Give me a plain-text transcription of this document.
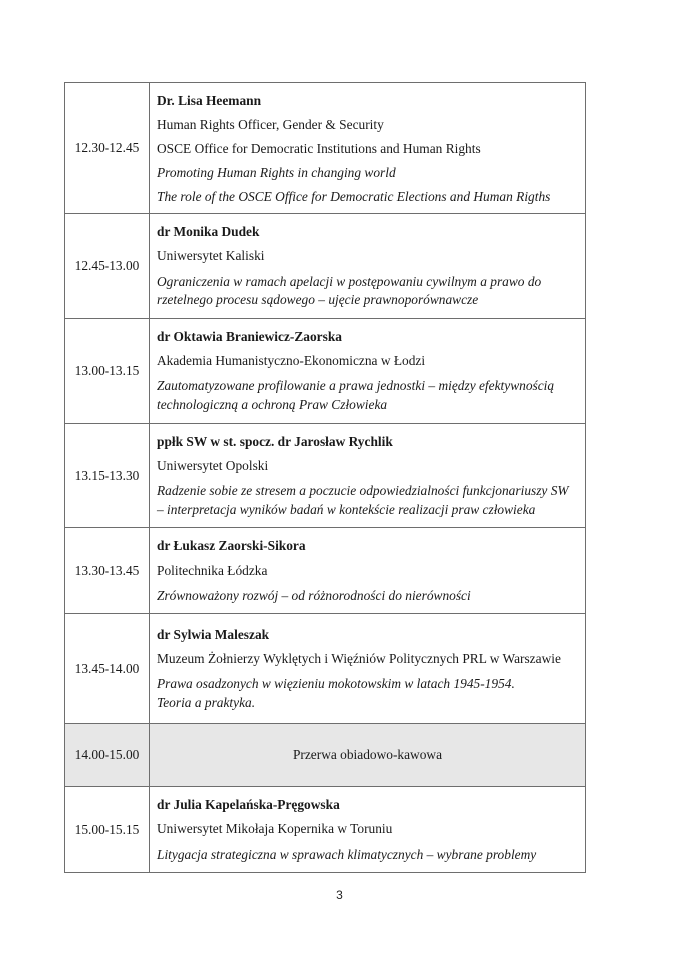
12.30-12.45	Dr. Lisa Heemann
Human Rights Officer, Gender & Security
OSCE Office for Democratic Institutions and Human Rights
Promoting Human Rights in changing world
The role of the OSCE Office for Democratic Elections and Human Rigths

12.45-13.00	dr Monika Dudek
Uniwersytet Kaliski
Ograniczenia w ramach apelacji w postępowaniu cywilnym a prawo do
rzetelnego procesu sądowego – ujęcie prawnoporównawcze

13.00-13.15	dr Oktawia Braniewicz-Zaorska
Akademia Humanistyczno-Ekonomiczna w Łodzi
Zautomatyzowane profilowanie a prawa jednostki – między efektywnością
technologiczną a ochroną Praw Człowieka

13.15-13.30	ppłk SW w st. spocz. dr Jarosław Rychlik
Uniwersytet Opolski
Radzenie sobie ze stresem a poczucie odpowiedzialności funkcjonariuszy SW
– interpretacja wyników badań w kontekście realizacji praw człowieka

13.30-13.45	dr Łukasz Zaorski-Sikora
Politechnika Łódzka
Zrównoważony rozwój – od różnorodności do nierówności

13.45-14.00	dr Sylwia Maleszak
Muzeum Żołnierzy Wyklętych i Więźniów Politycznych PRL w Warszawie
Prawa osadzonych w więzieniu mokotowskim w latach 1945-1954.
Teoria a praktyka.

14.00-15.00	Przerwa obiadowo-kawowa
15.00-15.15	dr Julia Kapelańska-Pręgowska
Uniwersytet Mikołaja Kopernika w Toruniu
Litygacja strategiczna w sprawach klimatycznych – wybrane problemy
3
